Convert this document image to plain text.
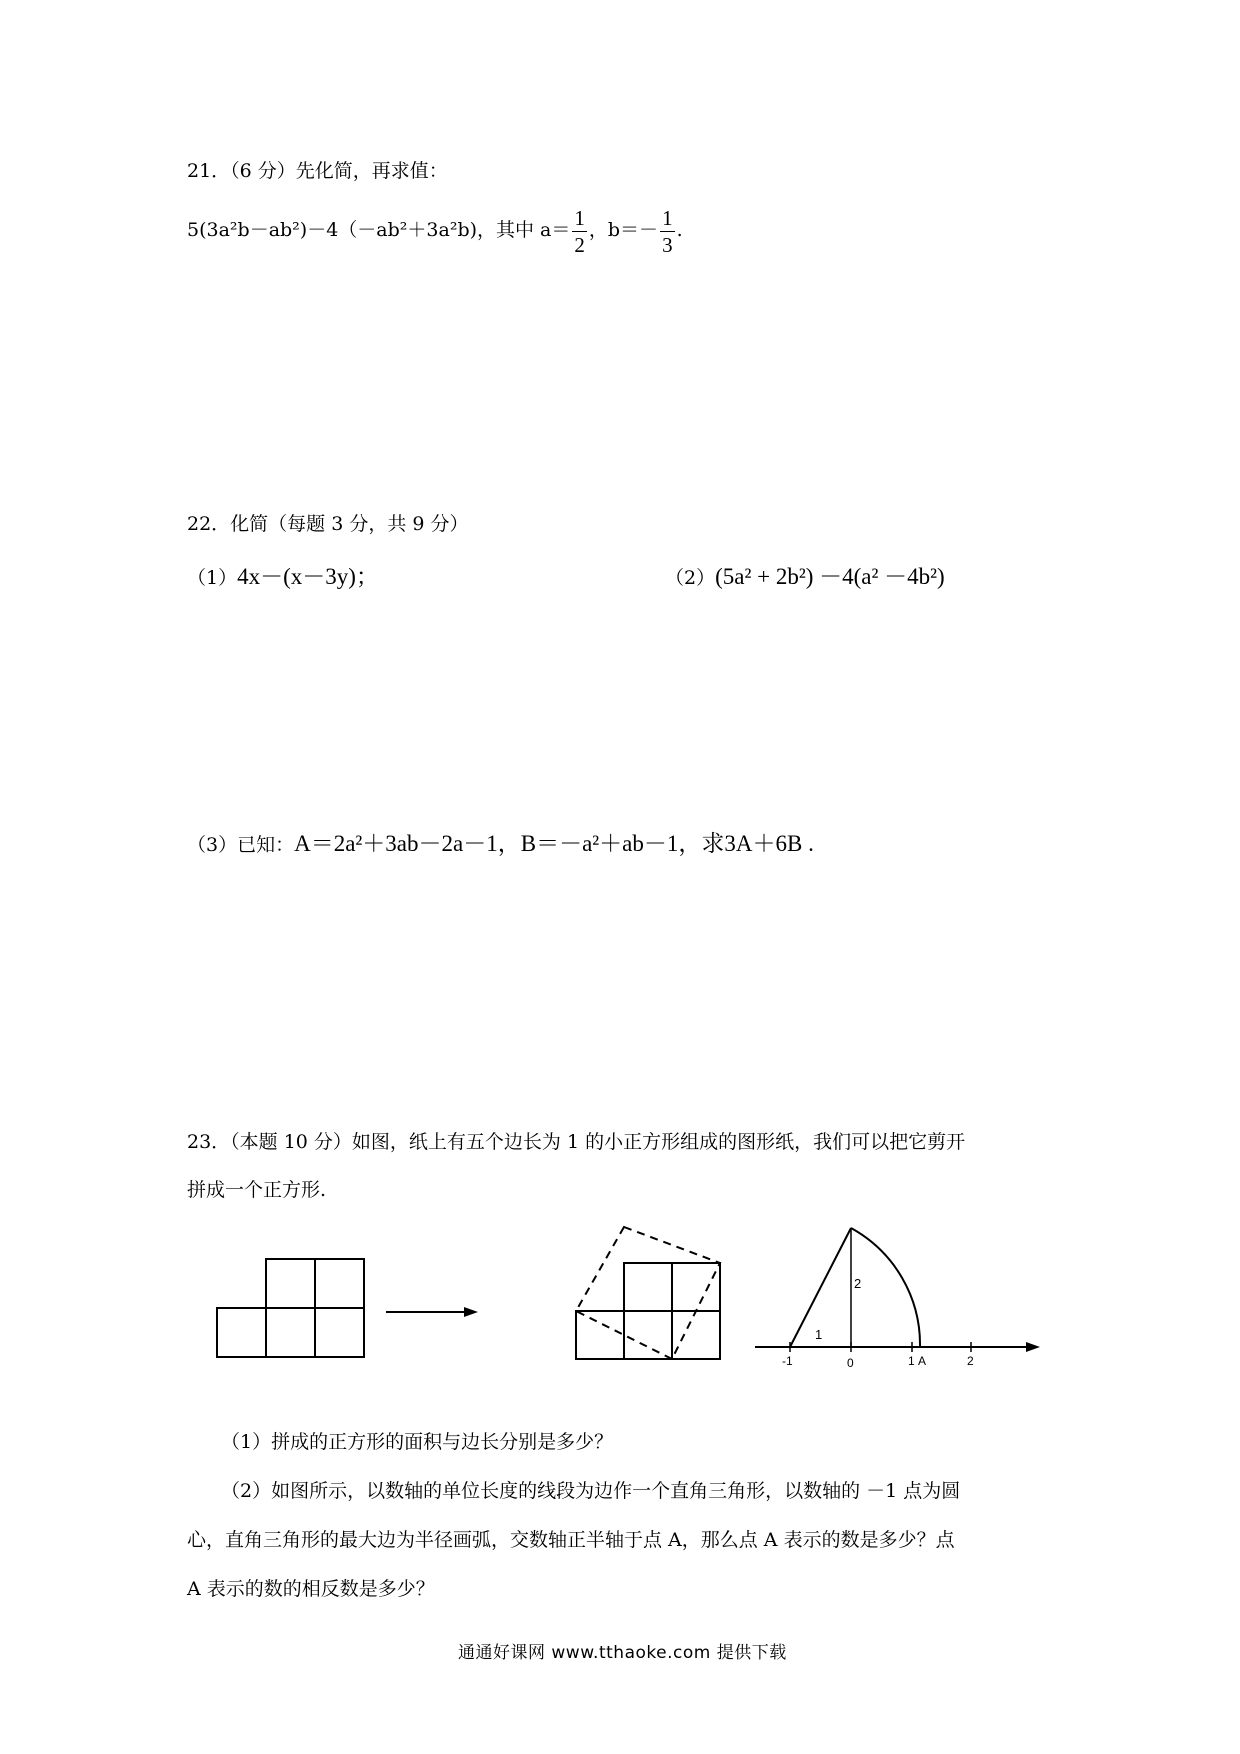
21．（6 分）先化简，再求值：
5(3a²b－ab²)－4（－ab²＋3a²b)，其中 $a= \frac{1}{2}$ ，$b=- \frac{1}{3}$ .
22．化简（每题 3 分，共 9 分）
（1）4x－(x－3y)；	（2）(5a² + 2b²) －4(a² －4b²)
（3）已知：A＝2a²＋3ab－2a－1，B＝－a²＋ab－1，求3A＋6B .
23．（本题 10 分）如图，纸上有五个边长为 1 的小正方形组成的图形纸，我们可以把它剪开
拼成一个正方形.
2
1
-1	0	1 A	2
（1）拼成的正方形的面积与边长分别是多少？
（2）如图所示，以数轴的单位长度的线段为边作一个直角三角形，以数轴的 －1 点为圆
心，直角三角形的最大边为半径画弧，交数轴正半轴于点 A，那么点 A 表示的数是多少？点
A 表示的数的相反数是多少？
通通好课网 www.tthaoke.com 提供下载
